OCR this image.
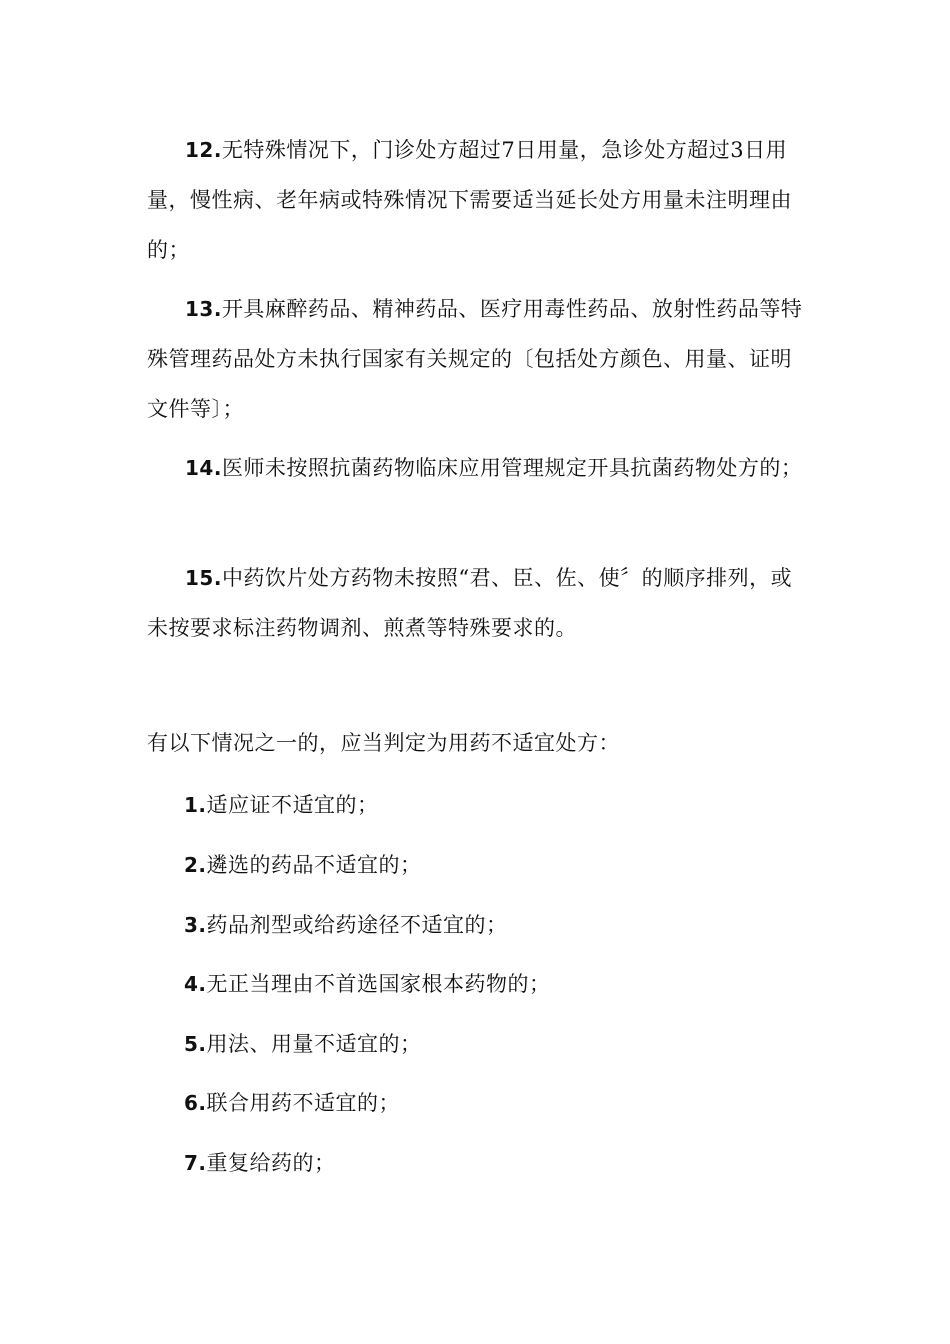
12.无特殊情况下，门诊处方超过7日用量，急诊处方超过3日用量，慢性病、老年病或特殊情况下需要适当延长处方用量未注明理由的；

13.开具麻醉药品、精神药品、医疗用毒性药品、放射性药品等特殊管理药品处方未执行国家有关规定的〔包括处方颜色、用量、证明文件等〕；

14.医师未按照抗菌药物临床应用管理规定开具抗菌药物处方的；

15.中药饮片处方药物未按照“君、臣、佐、使〞的顺序排列，或未按要求标注药物调剂、煎煮等特殊要求的。

有以下情况之一的，应当判定为用药不适宜处方：

1.适应证不适宜的；

2.遴选的药品不适宜的；

3.药品剂型或给药途径不适宜的；

4.无正当理由不首选国家根本药物的；

5.用法、用量不适宜的；

6.联合用药不适宜的；

7.重复给药的；
